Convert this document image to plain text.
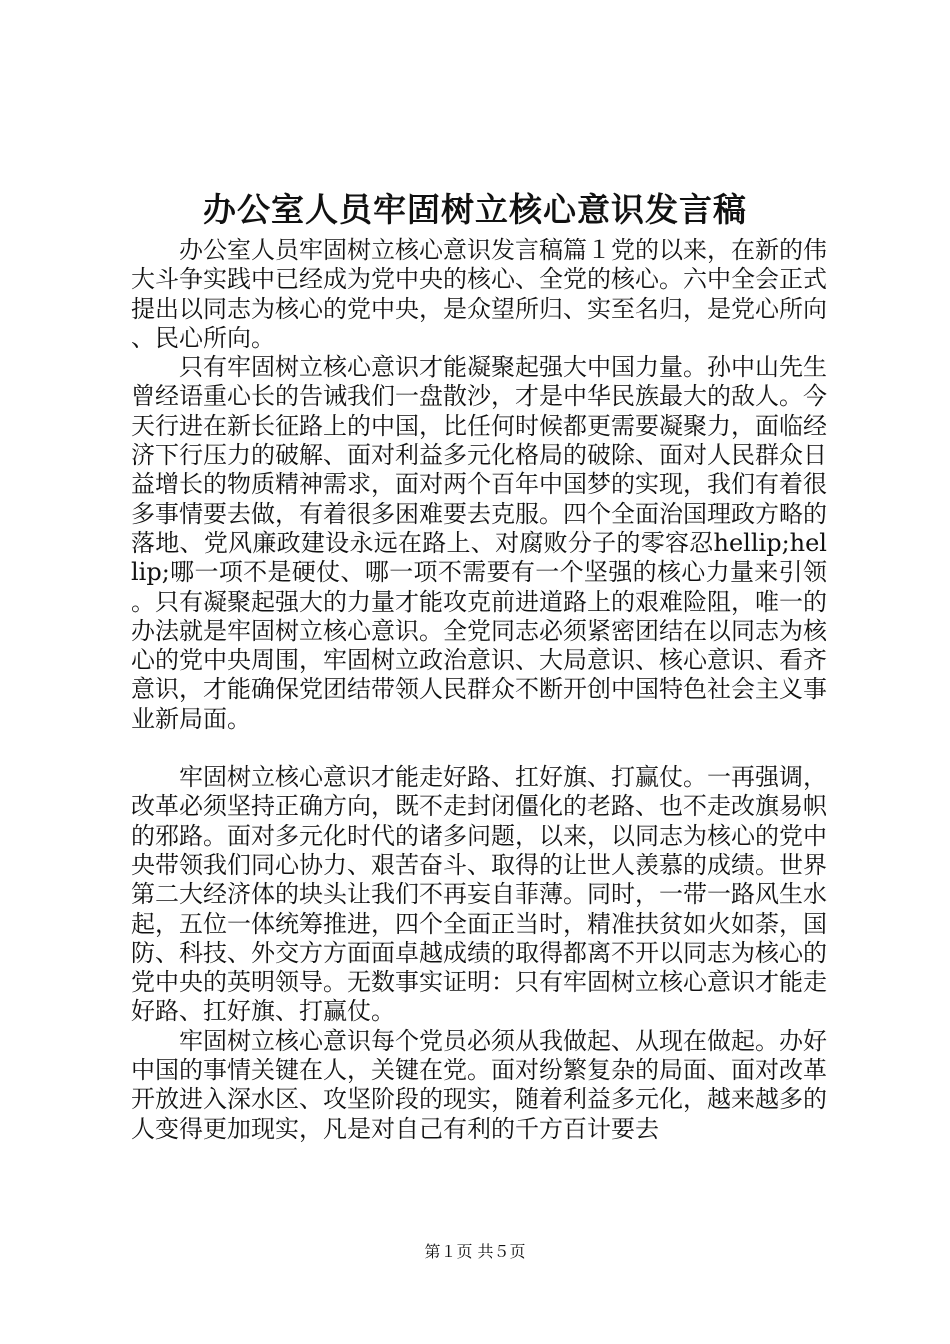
办公室人员牢固树立核心意识发言稿

办公室人员牢固树立核心意识发言稿篇１党的以来，在新的伟大斗争实践中已经成为党中央的核心、全党的核心。六中全会正式提出以同志为核心的党中央，是众望所归、实至名归，是党心所向、民心所向。

只有牢固树立核心意识才能凝聚起强大中国力量。孙中山先生曾经语重心长的告诫我们一盘散沙，才是中华民族最大的敌人。今天行进在新长征路上的中国，比任何时候都更需要凝聚力，面临经济下行压力的破解、面对利益多元化格局的破除、面对人民群众日益增长的物质精神需求，面对两个百年中国梦的实现，我们有着很多事情要去做，有着很多困难要去克服。四个全面治国理政方略的落地、党风廉政建设永远在路上、对腐败分子的零容忍hellip;hellip;哪一项不是硬仗、哪一项不需要有一个坚强的核心力量来引领。只有凝聚起强大的力量才能攻克前进道路上的艰难险阻，唯一的办法就是牢固树立核心意识。全党同志必须紧密团结在以同志为核心的党中央周围，牢固树立政治意识、大局意识、核心意识、看齐意识，才能确保党团结带领人民群众不断开创中国特色社会主义事业新局面。

牢固树立核心意识才能走好路、扛好旗、打赢仗。一再强调，改革必须坚持正确方向，既不走封闭僵化的老路、也不走改旗易帜的邪路。面对多元化时代的诸多问题，以来，以同志为核心的党中央带领我们同心协力、艰苦奋斗、取得的让世人羡慕的成绩。世界第二大经济体的块头让我们不再妄自菲薄。同时，一带一路风生水起，五位一体统筹推进，四个全面正当时，精准扶贫如火如荼，国防、科技、外交方方面面卓越成绩的取得都离不开以同志为核心的党中央的英明领导。无数事实证明：只有牢固树立核心意识才能走好路、扛好旗、打赢仗。

牢固树立核心意识每个党员必须从我做起、从现在做起。办好中国的事情关键在人，关键在党。面对纷繁复杂的局面、面对改革开放进入深水区、攻坚阶段的现实，随着利益多元化，越来越多的人变得更加现实，凡是对自己有利的千方百计要去

第１页 共５页
